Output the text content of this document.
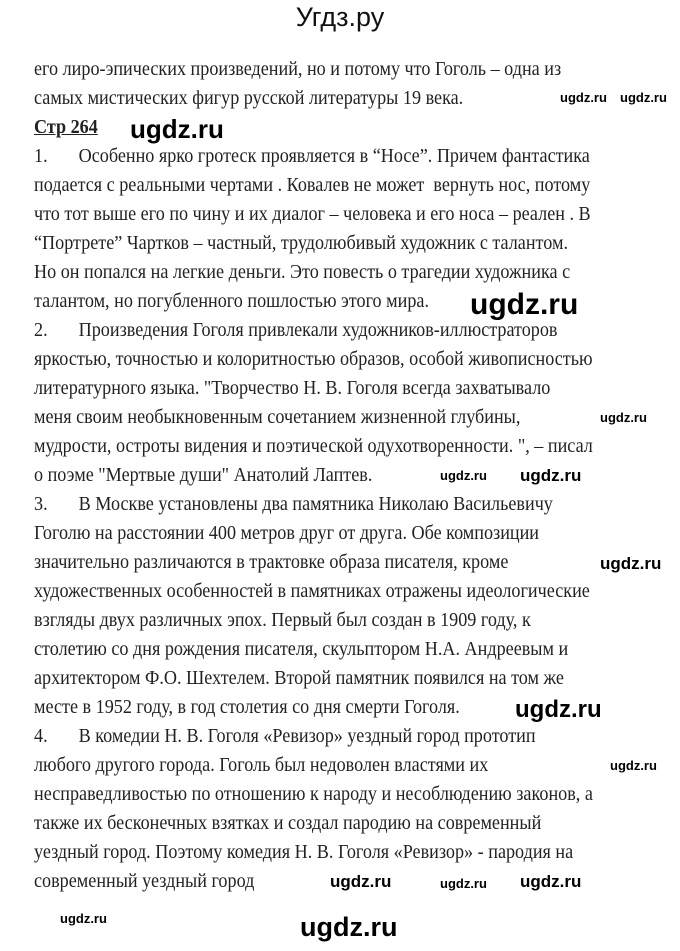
Угдз.ру
его лиро-эпических произведений, но и потому что Гоголь – одна из
самых мистических фигур русской литературы 19 века.
Стр 264
1. Особенно ярко гротеск проявляется в “Носе”. Причем фантастика
подается с реальными чертами . Ковалев не может  вернуть нос, потому
что тот выше его по чину и их диалог – человека и его носа – реален . В
“Портрете” Чартков – частный, трудолюбивый художник с талантом.
Но он попался на легкие деньги. Это повесть о трагедии художника с
талантом, но погубленного пошлостью этого мира.
2. Произведения Гоголя привлекали художников-иллюстраторов
яркостью, точностью и колоритностью образов, особой живописностью
литературного языка. "Творчество Н. В. Гоголя всегда захватывало
меня своим необыкновенным сочетанием жизненной глубины,
мудрости, остроты видения и поэтической одухотворенности. ", – писал
о поэме "Мертвые души" Анатолий Лаптев.
3. В Москве установлены два памятника Николаю Васильевичу
Гоголю на расстоянии 400 метров друг от друга. Обе композиции
значительно различаются в трактовке образа писателя, кроме
художественных особенностей в памятниках отражены идеологические
взгляды двух различных эпох. Первый был создан в 1909 году, к
столетию со дня рождения писателя, скульптором Н.А. Андреевым и
архитектором Ф.О. Шехтелем. Второй памятник появился на том же
месте в 1952 году, в год столетия со дня смерти Гоголя.
4. В комедии Н. В. Гоголя «Ревизор» уездный город прототип
любого другого города. Гоголь был недоволен властями их
несправедливостью по отношению к народу и несоблюдению законов, а
также их бесконечных взятках и создал пародию на современный
уездный город. Поэтому комедия Н. В. Гоголя «Ревизор» - пародия на
современный уездный город
ugdz.ru
ugdz.ru
ugdz.ru ugdz.ru
ugdz.ru
ugdz.ru ugdz.ru
ugdz.ru
ugdz.ru
ugdz.ru
ugdz.ru	ugdz.ru ugdz.ru
ugdz.ru
ugdz.ru
